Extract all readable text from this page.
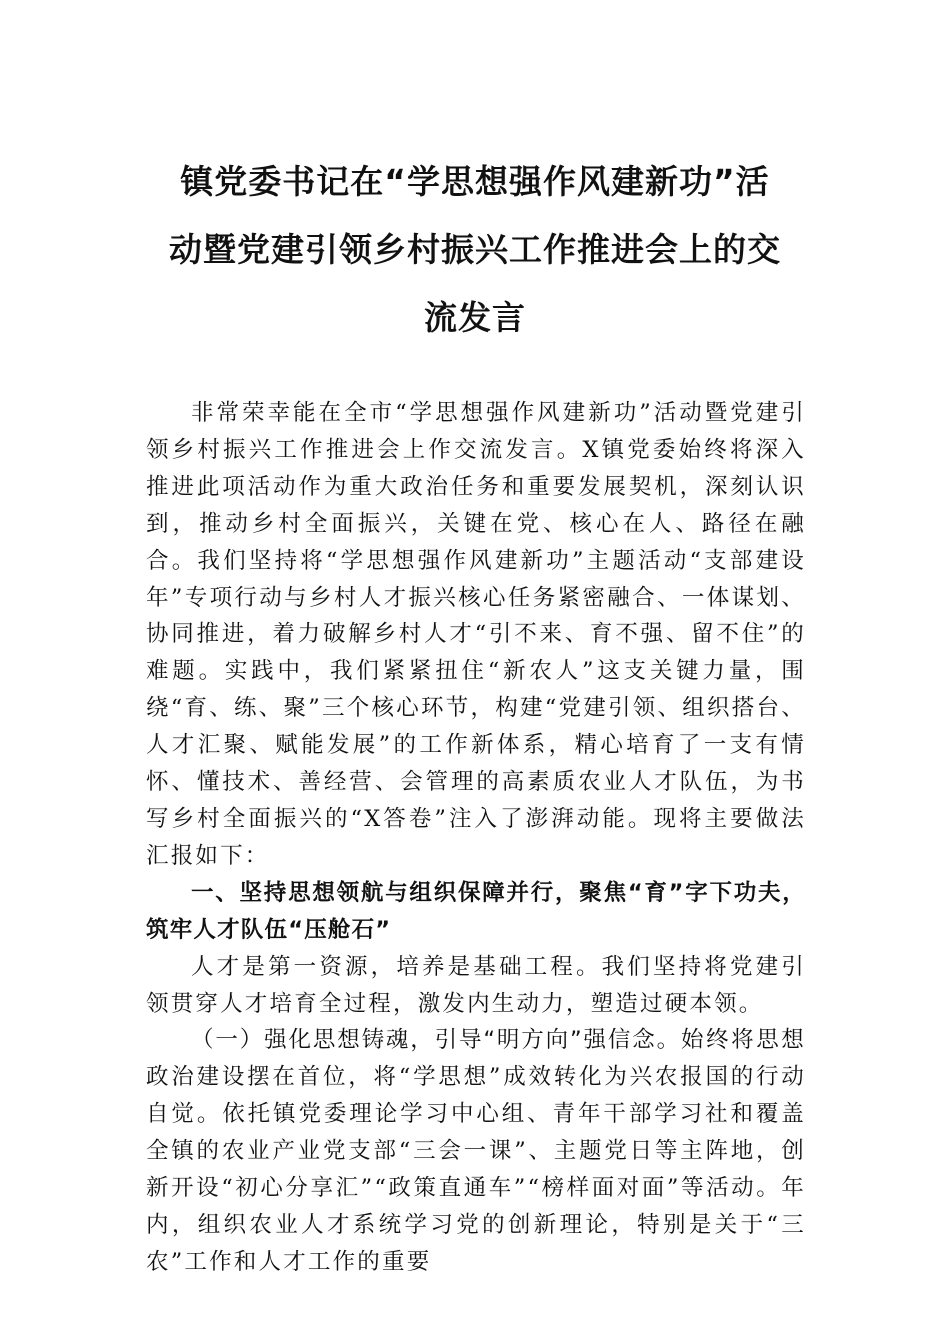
镇党委书记在“学思想强作风建新功”活
动暨党建引领乡村振兴工作推进会上的交
流发言

非常荣幸能在全市“学思想强作风建新功”活动暨党建引领乡村振兴工作推进会上作交流发言。X镇党委始终将深入推进此项活动作为重大政治任务和重要发展契机，深刻认识到，推动乡村全面振兴，关键在党、核心在人、路径在融合。我们坚持将“学思想强作风建新功”主题活动“支部建设年”专项行动与乡村人才振兴核心任务紧密融合、一体谋划、协同推进，着力破解乡村人才“引不来、育不强、留不住”的难题。实践中，我们紧紧扭住“新农人”这支关键力量，围绕“育、练、聚”三个核心环节，构建“党建引领、组织搭台、人才汇聚、赋能发展”的工作新体系，精心培育了一支有情怀、懂技术、善经营、会管理的高素质农业人才队伍，为书写乡村全面振兴的“X答卷”注入了澎湃动能。现将主要做法汇报如下：

一、坚持思想领航与组织保障并行，聚焦“育”字下功夫，筑牢人才队伍“压舱石”

人才是第一资源，培养是基础工程。我们坚持将党建引领贯穿人才培育全过程，激发内生动力，塑造过硬本领。

（一）强化思想铸魂，引导“明方向”强信念。始终将思想政治建设摆在首位，将“学思想”成效转化为兴农报国的行动自觉。依托镇党委理论学习中心组、青年干部学习社和覆盖全镇的农业产业党支部“三会一课”、主题党日等主阵地，创新开设“初心分享汇”“政策直通车”“榜样面对面”等活动。年内，组织农业人才系统学习党的创新理论，特别是关于“三农”工作和人才工作的重要
